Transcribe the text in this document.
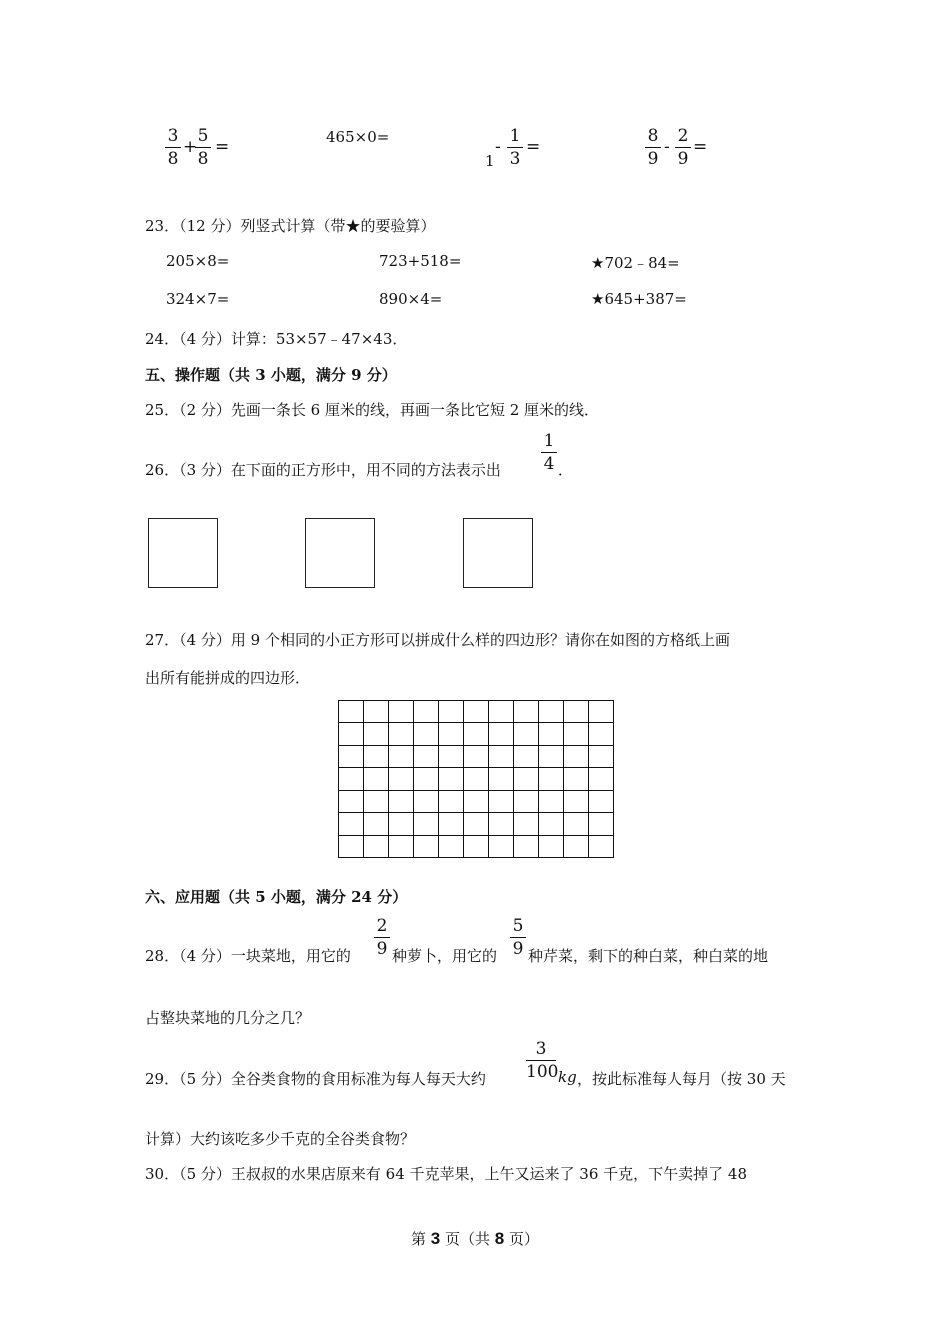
3
8
+
5
8
=	465×0=
1
-
1
3
=
8
9
-
2
9
=
23．（12 分）列竖式计算（带★的要验算）
205×8=	723+518=	★702﹣84=
324×7=	890×4=	★645+387=
24．（4 分）计算：53×57﹣47×43．
五、操作题（共 3 小题，满分 9 分）
25．（2 分）先画一条长 6 厘米的线，再画一条比它短 2 厘米的线．
26．（3 分）在下面的正方形中，用不同的方法表示出
1
4 ．
27．（4 分）用 9 个相同的小正方形可以拼成什么样的四边形？请你在如图的方格纸上画
出所有能拼成的四边形．
六、应用题（共 5 小题，满分 24 分）
28．（4 分）一块菜地，用它的
2
9 种萝卜，用它的
5
9 种芹菜，剩下的种白菜，种白菜的地
占整块菜地的几分之几？
29．（5 分）全谷类食物的食用标准为每人每天大约
3
100 kg ，按此标准每人每月（按 30 天
计算）大约该吃多少千克的全谷类食物？
30．（5 分）王叔叔的水果店原来有 64 千克苹果，上午又运来了 36 千克，下午卖掉了 48
第 3 页（共 8 页）
